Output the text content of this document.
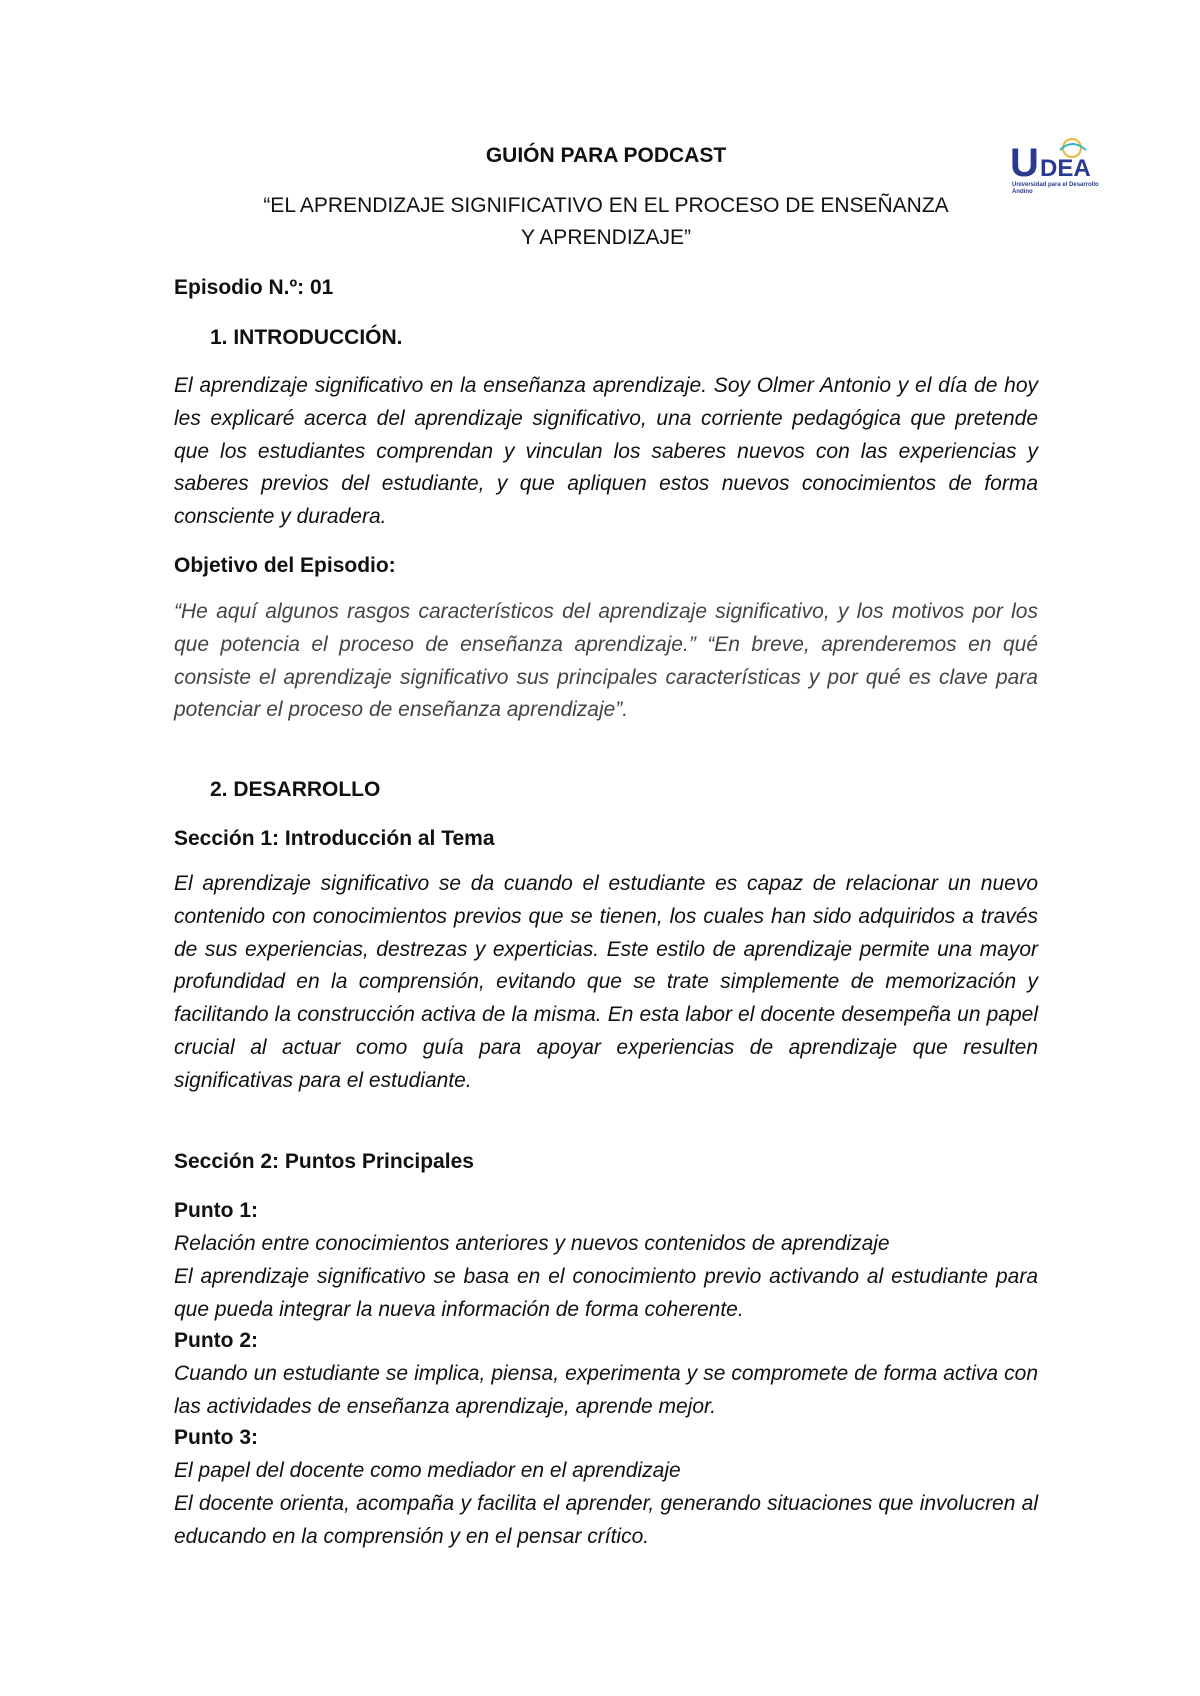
U DEA
Universidad para el Desarrollo Andino
GUIÓN PARA PODCAST
“EL APRENDIZAJE SIGNIFICATIVO EN EL PROCESO DE ENSEÑANZA
Y APRENDIZAJE”
Episodio N.º: 01
1. INTRODUCCIÓN.

El aprendizaje significativo en la enseñanza aprendizaje. Soy Olmer Antonio y el día de hoy les explicaré acerca del aprendizaje significativo, una corriente pedagógica que pretende que los estudiantes comprendan y vinculan los saberes nuevos con las experiencias y saberes previos del estudiante, y que apliquen estos nuevos conocimientos de forma consciente y duradera.

Objetivo del Episodio:

“He aquí algunos rasgos característicos del aprendizaje significativo, y los motivos por los que potencia el proceso de enseñanza aprendizaje.” “En breve, aprenderemos en qué consiste el aprendizaje significativo sus principales características y por qué es clave para potenciar el proceso de enseñanza aprendizaje”.

2. DESARROLLO
Sección 1: Introducción al Tema

El aprendizaje significativo se da cuando el estudiante es capaz de relacionar un nuevo contenido con conocimientos previos que se tienen, los cuales han sido adquiridos a través de sus experiencias, destrezas y experticias. Este estilo de aprendizaje permite una mayor profundidad en la comprensión, evitando que se trate simplemente de memorización y facilitando la construcción activa de la misma. En esta labor el docente desempeña un papel crucial al actuar como guía para apoyar experiencias de aprendizaje que resulten significativas para el estudiante.

Sección 2: Puntos Principales
Punto 1:

Relación entre conocimientos anteriores y nuevos contenidos de aprendizaje

El aprendizaje significativo se basa en el conocimiento previo activando al estudiante para que pueda integrar la nueva información de forma coherente.

Punto 2:

Cuando un estudiante se implica, piensa, experimenta y se compromete de forma activa con las actividades de enseñanza aprendizaje, aprende mejor.

Punto 3:

El papel del docente como mediador en el aprendizaje

El docente orienta, acompaña y facilita el aprender, generando situaciones que involucren al educando en la comprensión y en el pensar crítico.
